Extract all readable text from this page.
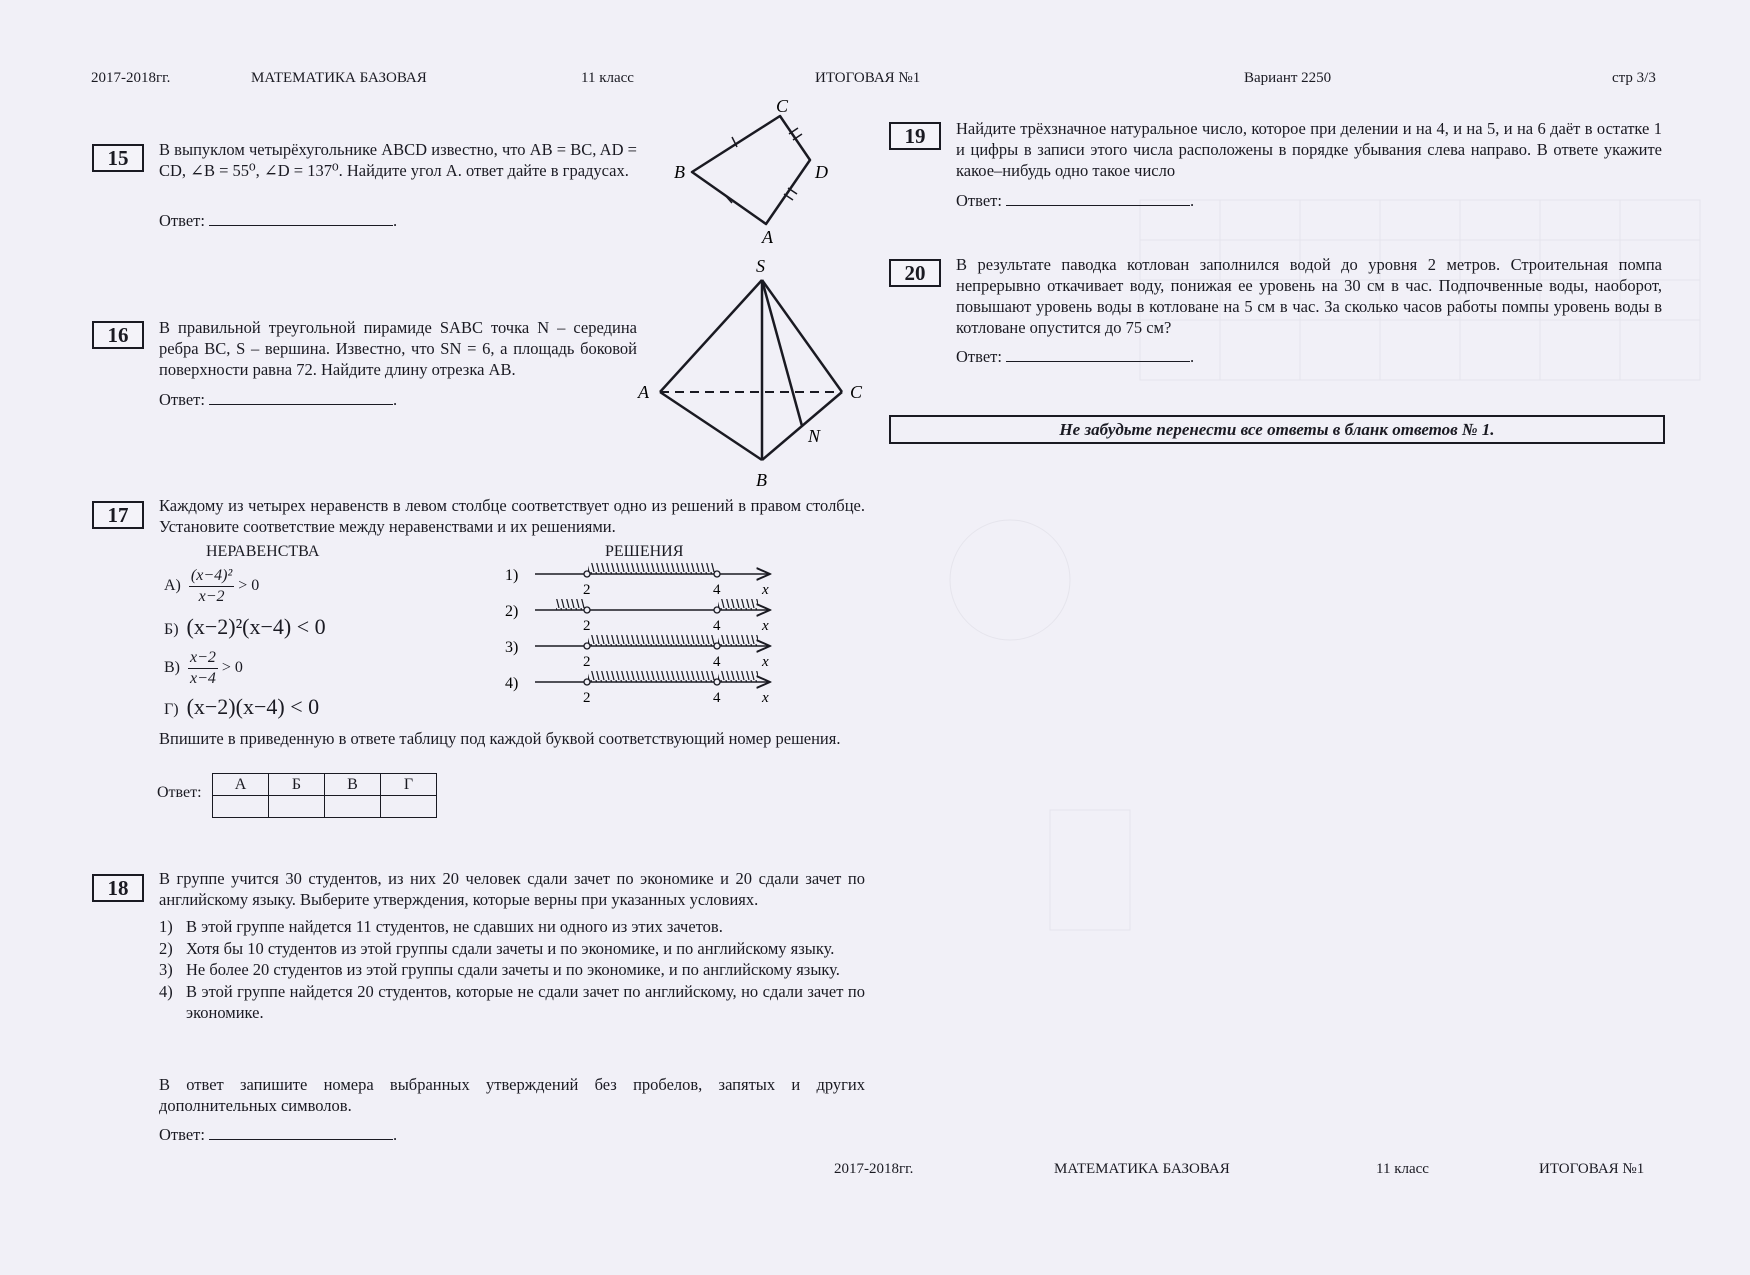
2017-2018гг.	МАТЕМАТИКА БАЗОВАЯ	11 класс	ИТОГОВАЯ №1	Вариант 2250	стр 3/3
15	В выпуклом четырёхугольнике ABCD известно, что AB = BC, AD = CD, ∠B = 55⁰, ∠D = 137⁰. Найдите угол A. ответ дайте в градусах.
Ответ:	.
C
B	D
A
16	В правильной треугольной пирамиде SABC точка N – середина ребра BC, S – вершина. Известно, что SN = 6, а площадь боковой поверхности равна 72. Найдите длину отрезка AB.
Ответ:	.
S
A	C
B
N
17	Каждому из четырех неравенств в левом столбце соответствует одно из решений в правом столбце. Установите соответствие между неравенствами и их решениями.
НЕРАВЕНСТВА	РЕШЕНИЯ
$А) \frac{\text{(x−4)²}}{x-2} > 0$
Б) (x−2)²(x−4) < 0
$В) \frac{x-2}{x-4} > 0$
Г) (x−2)(x−4) < 0
1)
2	4	x
2)
2	4	x
3)
2	4	x
4)
2	4	x
Впишите в приведенную в ответе таблицу под каждой буквой соответствующий номер решения.
Ответ: А	Б	В	Г

18	В группе учится 30 студентов, из них 20 человек сдали зачет по экономике и 20 сдали зачет по английскому языку. Выберите утверждения, которые верны при указанных условиях.
1) В этой группе найдется 11 студентов, не сдавших ни одного из этих зачетов.
2) Хотя бы 10 студентов из этой группы сдали зачеты и по экономике, и по английскому языку.
3) Не более 20 студентов из этой группы сдали зачеты и по экономике, и по английскому языку.
4) В этой группе найдется 20 студентов, которые не сдали зачет по английскому, но сдали зачет по экономике.
В ответ запишите номера выбранных утверждений без пробелов, запятых и других дополнительных символов.
Ответ:	.
19	Найдите трёхзначное натуральное число, которое при делении и на 4, и на 5, и на 6 даёт в остатке 1 и цифры в записи этого числа расположены в порядке убывания слева направо. В ответе укажите какое–нибудь одно такое число
Ответ:	.
20	В результате паводка котлован заполнился водой до уровня 2 метров. Строительная помпа непрерывно откачивает воду, понижая ее уровень на 30 см в час. Подпочвенные воды, наоборот, повышают уровень воды в котловане на 5 см в час. За сколько часов работы помпы уровень воды в котловане опустится до 75 см?
Ответ:	.
Не забудьте перенести все ответы в бланк ответов № 1.
2017-2018гг.	МАТЕМАТИКА БАЗОВАЯ	11 класс	ИТОГОВАЯ №1
